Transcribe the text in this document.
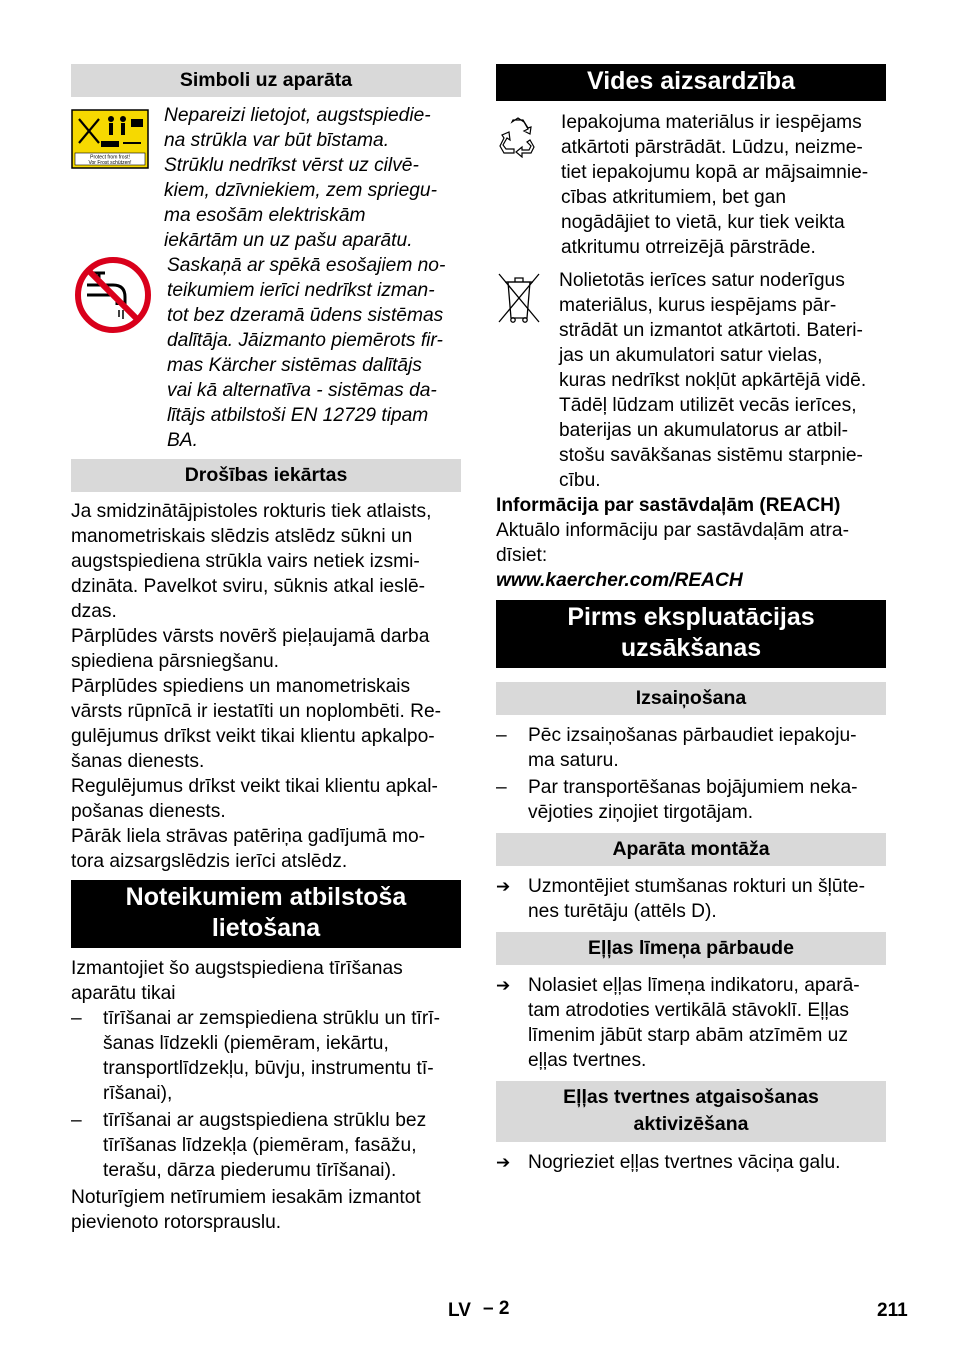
Simboli uz aparāta
Protect from frost!
Vor Frost schützen!

Nepareizi lietojot, augstspiedie-

na strūkla var būt bīstama.

Strūklu nedrīkst vērst uz cilvē-

kiem, dzīvniekiem, zem spriegu-

ma esošām elektriskām

iekārtām un uz pašu aparātu.

Saskaņā ar spēkā esošajiem no-

teikumiem ierīci nedrīkst izman-

tot bez dzeramā ūdens sistēmas

dalītāja. Jāizmanto piemērots fir-

mas Kärcher sistēmas dalītājs

vai kā alternatīva - sistēmas da-

lītājs atbilstoši EN 12729 tipam

BA.

Drošības iekārtas

Ja smidzinātājpistoles rokturis tiek atlaists,

manometriskais slēdzis atslēdz sūkni un

augstspiediena strūkla vairs netiek izsmi-

dzināta. Pavelkot sviru, sūknis atkal ieslē-

dzas.

Pārplūdes vārsts novērš pieļaujamā darba

spiediena pārsniegšanu.

Pārplūdes spiediens un manometriskais

vārsts rūpnīcā ir iestatīti un noplombēti. Re-

gulējumus drīkst veikt tikai klientu apkalpo-

šanas dienests.

Regulējumus drīkst veikt tikai klientu apkal-

pošanas dienests.

Pārāk liela strāvas patēriņa gadījumā mo-

tora aizsargslēdzis ierīci atslēdz.

Noteikumiem atbilstoša
lietošana

Izmantojiet šo augstspiediena tīrīšanas

aparātu tikai

–	tīrīšanai ar zemspiediena strūklu un tīrī-

šanas līdzekli (piemēram, iekārtu,

transportlīdzekļu, būvju, instrumentu tī-

rīšanai),

–	tīrīšanai ar augstspiediena strūklu bez

tīrīšanas līdzekļa (piemēram, fasāžu,

terašu, dārza piederumu tīrīšanai).

Noturīgiem netīrumiem iesakām izmantot

pievienoto rotorsprauslu.

Vides aizsardzība

Iepakojuma materiālus ir iespējams

atkārtoti pārstrādāt. Lūdzu, neizme-

tiet iepakojumu kopā ar mājsaimnie-

cības atkritumiem, bet gan

nogādājiet to vietā, kur tiek veikta

atkritumu otrreizējā pārstrāde.

Nolietotās ierīces satur noderīgus

materiālus, kurus iespējams pār-

strādāt un izmantot atkārtoti. Bateri-

jas un akumulatori satur vielas,

kuras nedrīkst nokļūt apkārtējā vidē.

Tādēļ lūdzam utilizēt vecās ierīces,

baterijas un akumulatorus ar atbil-

stošu savākšanas sistēmu starpnie-

cību.

Informācija par sastāvdaļām (REACH)

Aktuālo informāciju par sastāvdaļām atra-

dīsiet:

www.kaercher.com/REACH

Pirms ekspluatācijas
uzsākšanas
Izsaiņošana
–	Pēc izsaiņošanas pārbaudiet iepakoju-

ma saturu.

–	Par transportēšanas bojājumiem neka-

vējoties ziņojiet tirgotājam.

Aparāta montāža
➔ Uzmontējiet stumšanas rokturi un šļūte-

nes turētāju (attēls D).

Eļļas līmeņa pārbaude
➔ Nolasiet eļļas līmeņa indikatoru, aparā-

tam atrodoties vertikālā stāvoklī. Eļļas

līmenim jābūt starp abām atzīmēm uz

eļļas tvertnes.

Eļļas tvertnes atgaisošanas
aktivizēšana
➔ Nogrieziet eļļas tvertnes vāciņa galu.

LV – 2	211
